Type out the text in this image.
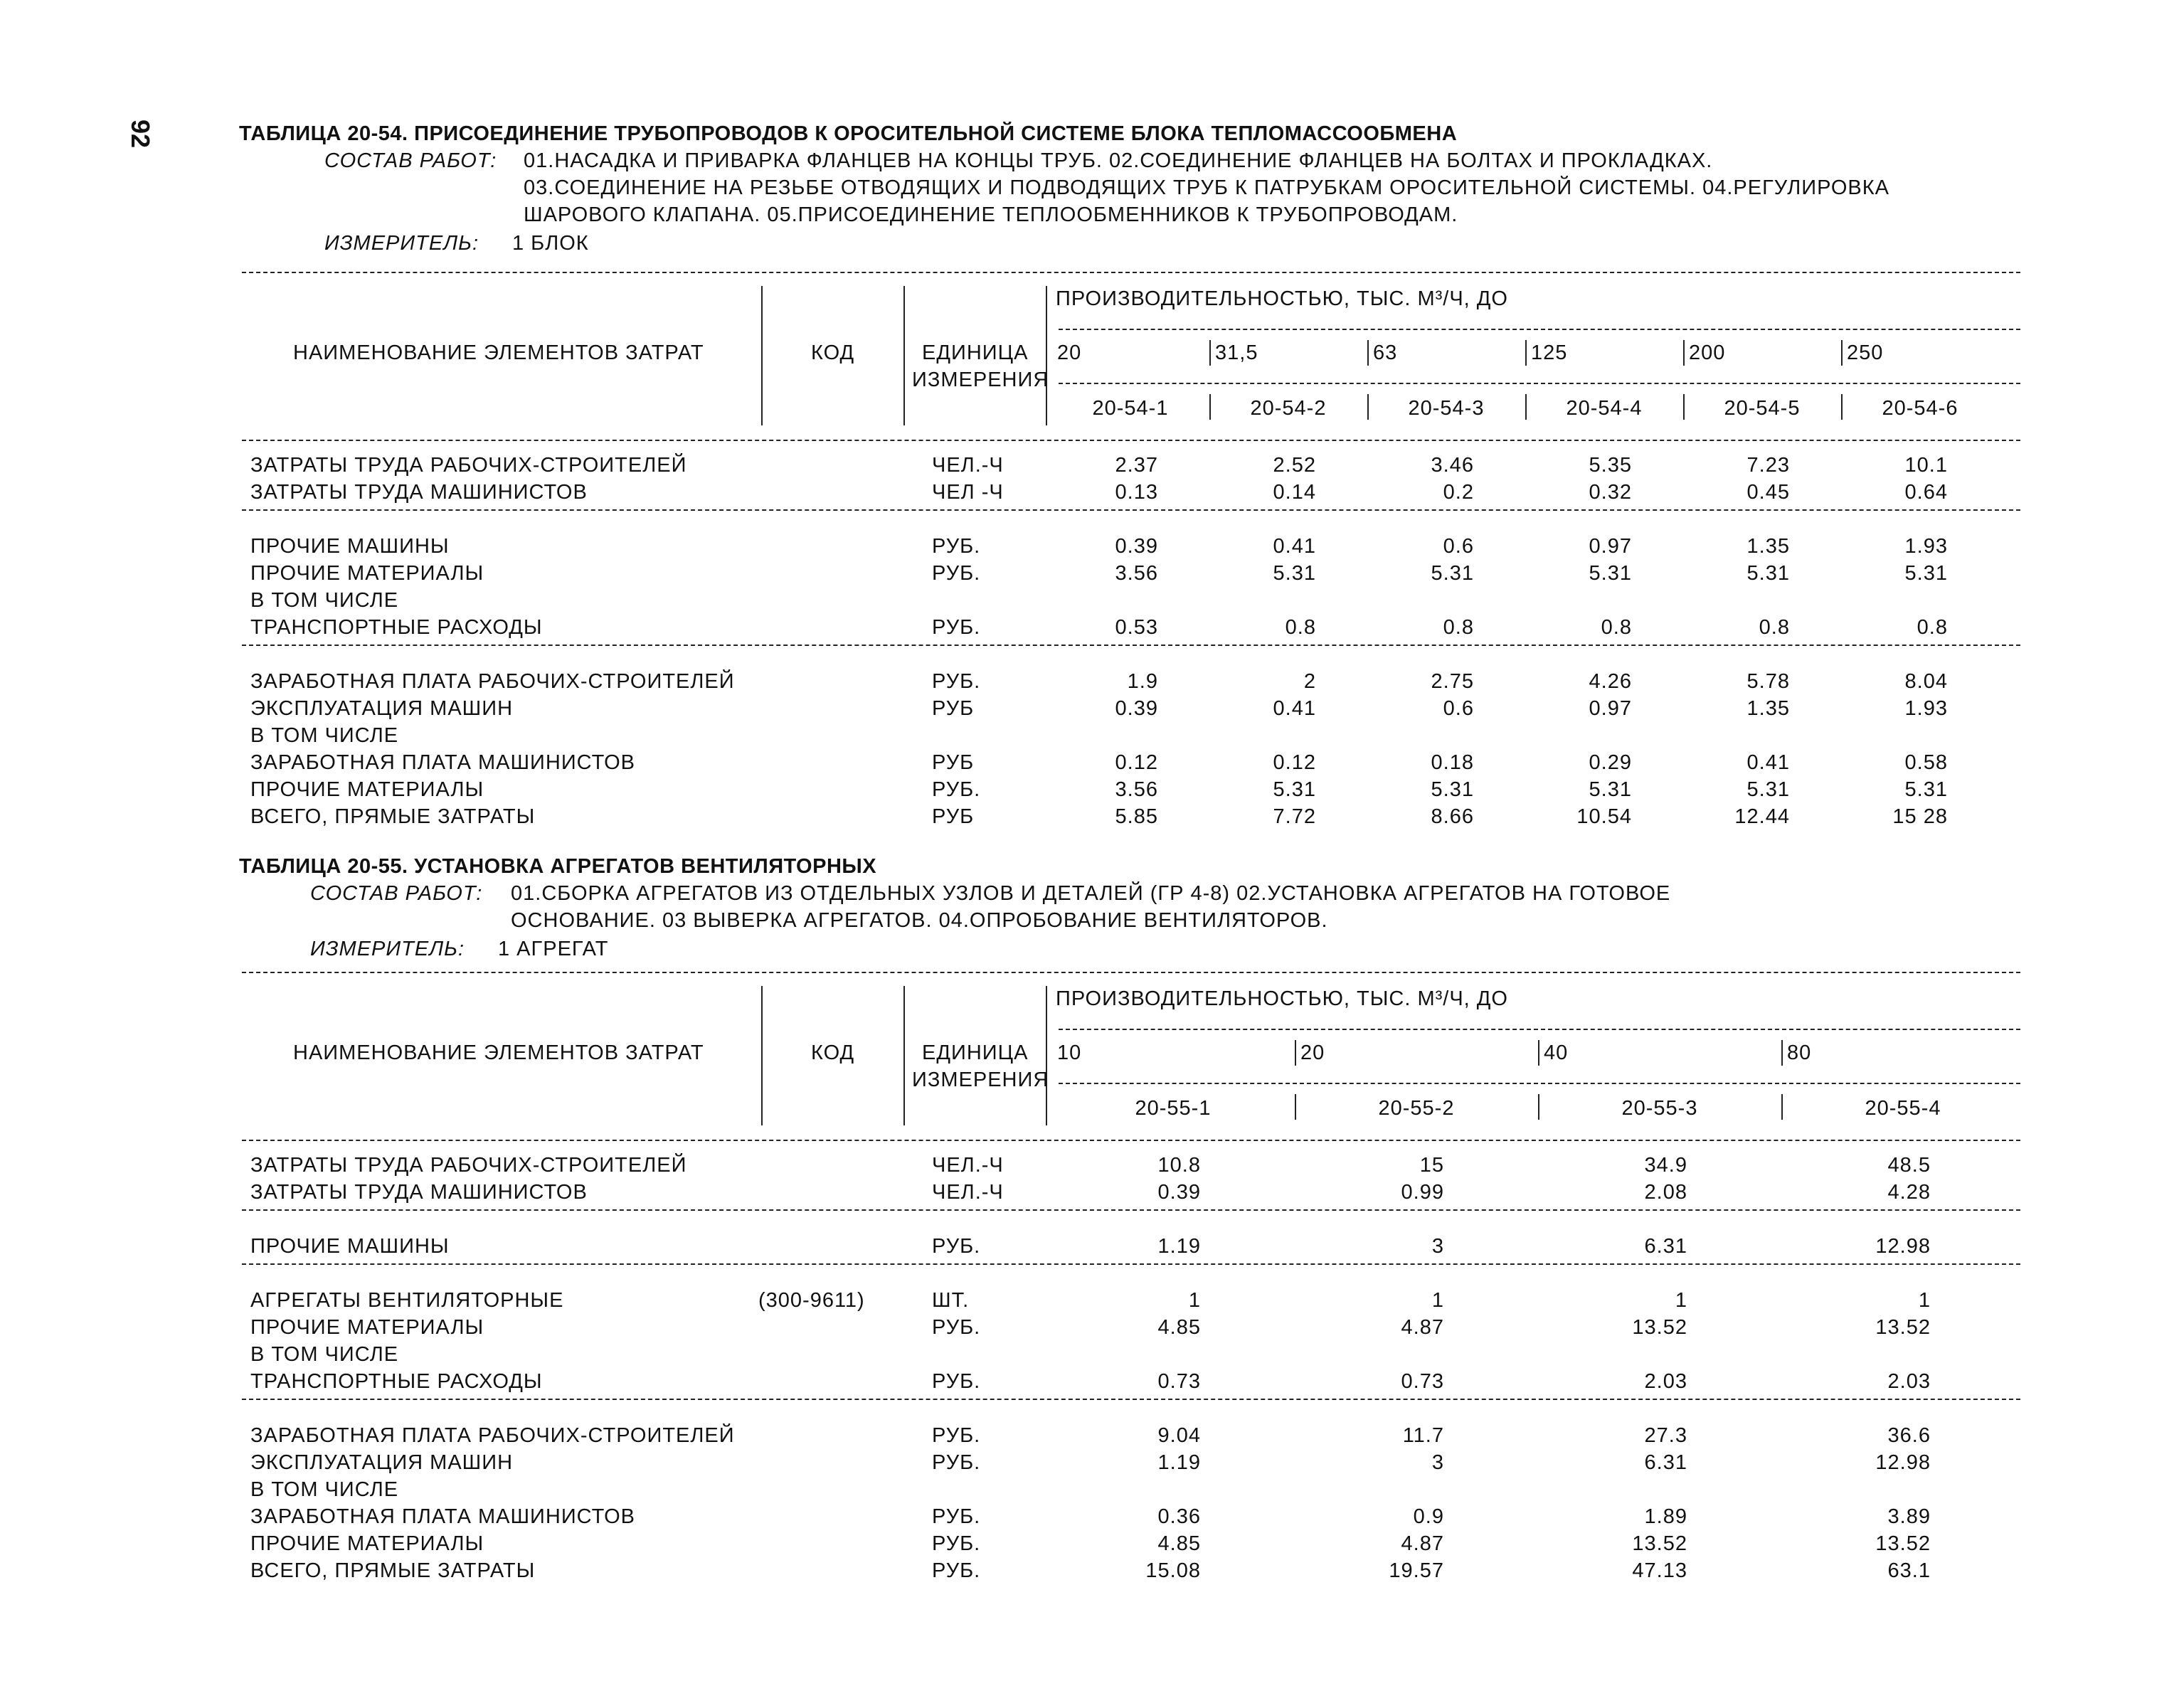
92	ТАБЛИЦА 20-54. ПРИСОЕДИНЕНИЕ ТРУБОПРОВОДОВ К ОРОСИТЕЛЬНОЙ СИСТЕМЕ БЛОКА ТЕПЛОМАССООБМЕНА
СОСТАВ РАБОТ: 01.НАСАДКА И ПРИВАРКА ФЛАНЦЕВ НА КОНЦЫ ТРУБ. 02.СОЕДИНЕНИЕ ФЛАНЦЕВ НА БОЛТАХ И ПРОКЛАДКАХ.
03.СОЕДИНЕНИЕ НА РЕЗЬБЕ ОТВОДЯЩИХ И ПОДВОДЯЩИХ ТРУБ К ПАТРУБКАМ ОРОСИТЕЛЬНОЙ СИСТЕМЫ. 04.РЕГУЛИРОВКА
ШАРОВОГО КЛАПАНА. 05.ПРИСОЕДИНЕНИЕ ТЕПЛООБМЕННИКОВ К ТРУБОПРОВОДАМ.
ИЗМЕРИТЕЛЬ: 1 БЛОК
ПРОИЗВОДИТЕЛЬНОСТЬЮ, ТЫС. М³/Ч, ДО
НАИМЕНОВАНИЕ ЭЛЕМЕНТОВ ЗАТРАТ	КОД	ЕДИНИЦА
ИЗМЕРЕНИЯ
20	31,5	63	125	200	250
20-54-1	20-54-2	20-54-3	20-54-4	20-54-5	20-54-6
ЗАТРАТЫ ТРУДА РАБОЧИХ-СТРОИТЕЛЕЙ	ЧЕЛ.-Ч	2.37	2.52	3.46	5.35	7.23	10.1
ЗАТРАТЫ ТРУДА МАШИНИСТОВ	ЧЕЛ -Ч	0.13	0.14	0.2	0.32	0.45	0.64
ПРОЧИЕ МАШИНЫ	РУБ.	0.39	0.41	0.6	0.97	1.35	1.93
ПРОЧИЕ МАТЕРИАЛЫ	РУБ.	3.56	5.31	5.31	5.31	5.31	5.31
В ТОМ ЧИСЛЕ
ТРАНСПОРТНЫЕ РАСХОДЫ	РУБ.	0.53	0.8	0.8	0.8	0.8	0.8
ЗАРАБОТНАЯ ПЛАТА РАБОЧИХ-СТРОИТЕЛЕЙ	РУБ.	1.9	2	2.75	4.26	5.78	8.04
ЭКСПЛУАТАЦИЯ МАШИН	РУБ	0.39	0.41	0.6	0.97	1.35	1.93
В ТОМ ЧИСЛЕ
ЗАРАБОТНАЯ ПЛАТА МАШИНИСТОВ	РУБ	0.12	0.12	0.18	0.29	0.41	0.58
ПРОЧИЕ МАТЕРИАЛЫ	РУБ.	3.56	5.31	5.31	5.31	5.31	5.31
ВСЕГО, ПРЯМЫЕ ЗАТРАТЫ	РУБ	5.85	7.72	8.66	10.54	12.44	15 28
ТАБЛИЦА 20-55. УСТАНОВКА АГРЕГАТОВ ВЕНТИЛЯТОРНЫХ
СОСТАВ РАБОТ: 01.СБОРКА АГРЕГАТОВ ИЗ ОТДЕЛЬНЫХ УЗЛОВ И ДЕТАЛЕЙ (ГР 4-8) 02.УСТАНОВКА АГРЕГАТОВ НА ГОТОВОЕ
ОСНОВАНИЕ. 03 ВЫВЕРКА АГРЕГАТОВ. 04.ОПРОБОВАНИЕ ВЕНТИЛЯТОРОВ.
ИЗМЕРИТЕЛЬ: 1 АГРЕГАТ
ПРОИЗВОДИТЕЛЬНОСТЬЮ, ТЫС. М³/Ч, ДО
НАИМЕНОВАНИЕ ЭЛЕМЕНТОВ ЗАТРАТ	КОД	ЕДИНИЦА
ИЗМЕРЕНИЯ
10	20	40	80
20-55-1	20-55-2	20-55-3	20-55-4
ЗАТРАТЫ ТРУДА РАБОЧИХ-СТРОИТЕЛЕЙ	ЧЕЛ.-Ч	10.8	15	34.9	48.5
ЗАТРАТЫ ТРУДА МАШИНИСТОВ	ЧЕЛ.-Ч	0.39	0.99	2.08	4.28
ПРОЧИЕ МАШИНЫ	РУБ.	1.19	3	6.31	12.98
АГРЕГАТЫ ВЕНТИЛЯТОРНЫЕ	(300-9611)	ШТ.	1	1	1	1
ПРОЧИЕ МАТЕРИАЛЫ	РУБ.	4.85	4.87	13.52	13.52
В ТОМ ЧИСЛЕ
ТРАНСПОРТНЫЕ РАСХОДЫ	РУБ.	0.73	0.73	2.03	2.03
ЗАРАБОТНАЯ ПЛАТА РАБОЧИХ-СТРОИТЕЛЕЙ	РУБ.	9.04	11.7	27.3	36.6
ЭКСПЛУАТАЦИЯ МАШИН	РУБ.	1.19	3	6.31	12.98
В ТОМ ЧИСЛЕ
ЗАРАБОТНАЯ ПЛАТА МАШИНИСТОВ	РУБ.	0.36	0.9	1.89	3.89
ПРОЧИЕ МАТЕРИАЛЫ	РУБ.	4.85	4.87	13.52	13.52
ВСЕГО, ПРЯМЫЕ ЗАТРАТЫ	РУБ.	15.08	19.57	47.13	63.1
